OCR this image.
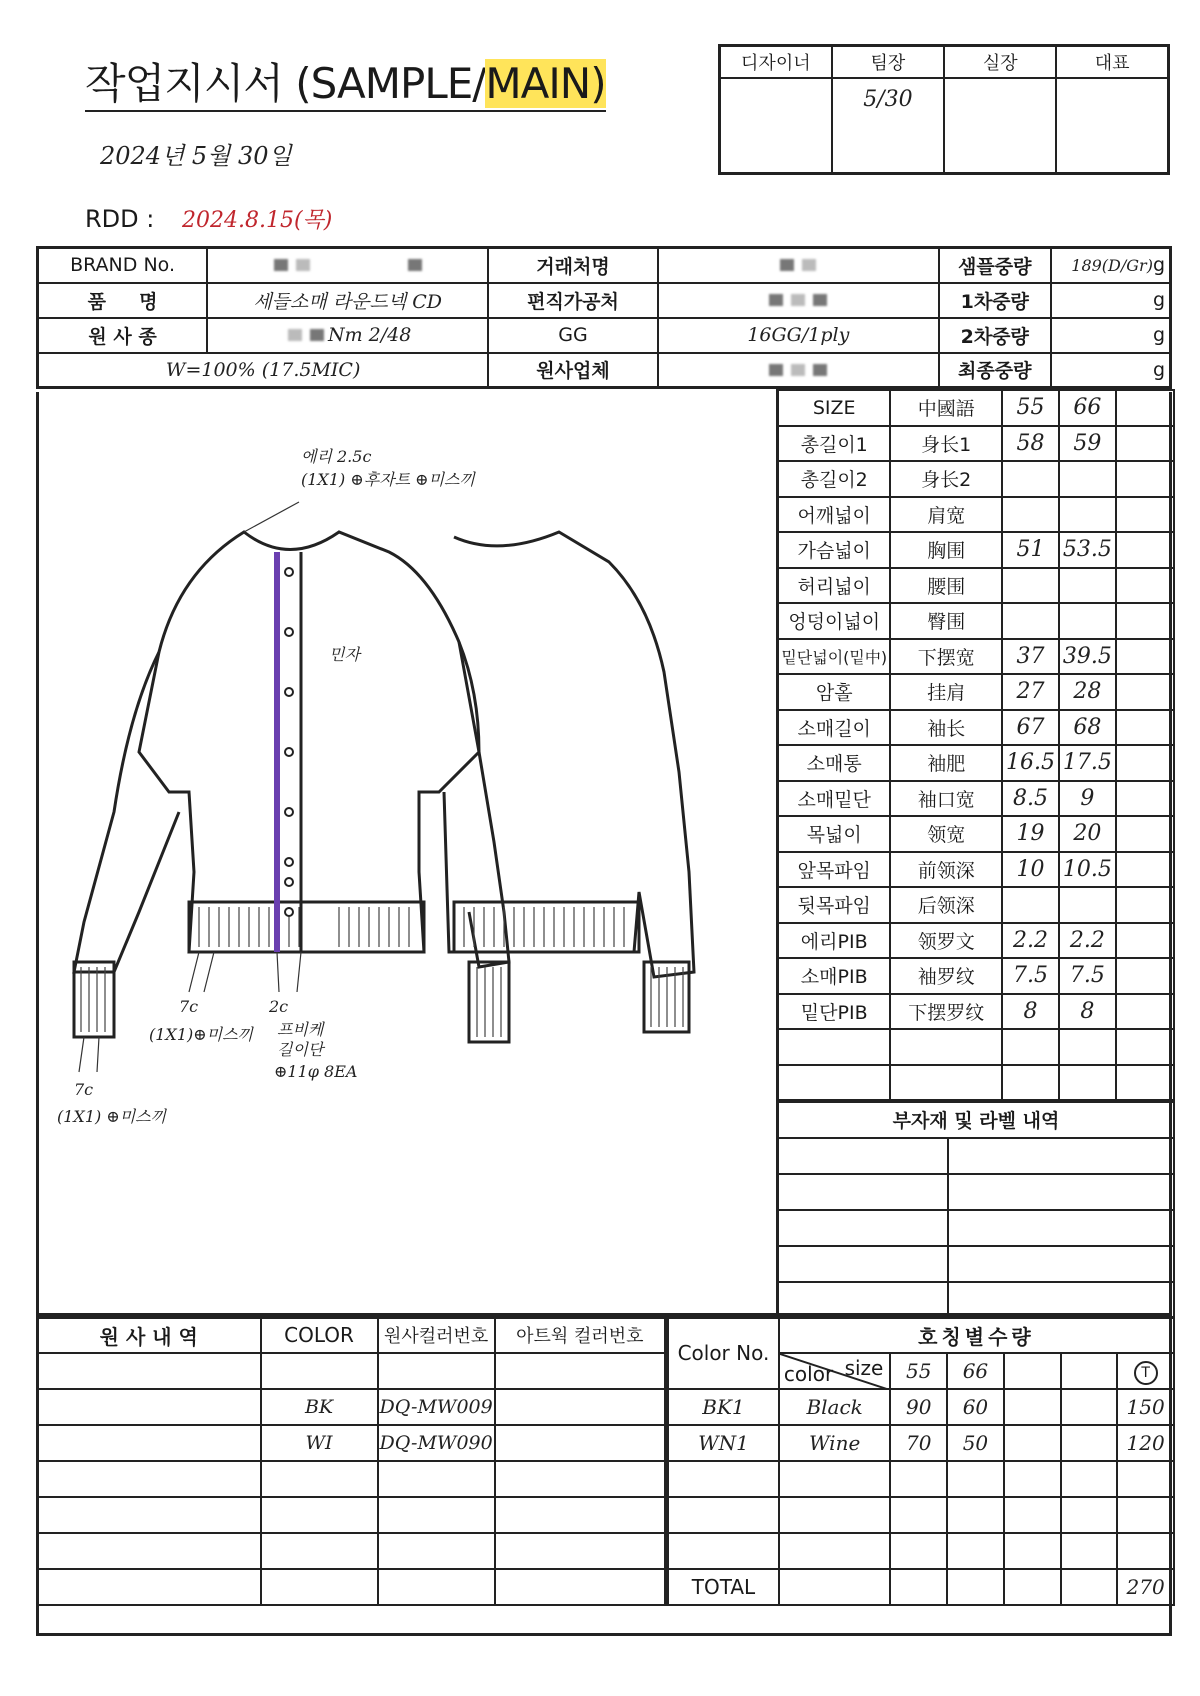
작업지시서 (SAMPLE/MAIN)
2024년 5월 30일
RDD : 2024.8.15(목)
디자이너	팀장	실장	대표
	5/30		
BRAND No.		거래처명		샘플중량	189(D/Gr)g
품     명	세들소매 라운드넥 CD	편직가공처		1차중량	g
원 사 종	Nm 2/48	GG	16GG/1ply	2차중량	g
W=100% (17.5MIC)		원사업체		최종중량	g
에리 2.5c
(1X1) ⊕후자트 ⊕미스끼
민자
7c
(1X1)⊕미스끼
2c
프비케
길이단
⊕11φ 8EA
7c
(1X1) ⊕미스끼
SIZE	中國語	55	66	
총길이1	身长1	58	59	
총길이2	身长2			
어깨넓이	肩宽			
가슴넓이	胸围	51	53.5	
허리넓이	腰围			
엉덩이넓이	臀围			
밑단넓이(밑中)	下摆宽	37	39.5	
암홀	挂肩	27	28	
소매길이	袖长	67	68	
소매통	袖肥	16.5	17.5	
소매밑단	袖口宽	8.5	9	
목넓이	领宽	19	20	
앞목파임	前领深	10	10.5	
뒷목파임	后领深			
에리PIB	领罗文	2.2	2.2	
소매PIB	袖罗纹	7.5	7.5	
밑단PIB	下摆罗纹	8	8	

부자재 및 라벨 내역	

원 사 내 역	COLOR	원사컬러번호	아트웍 컬러번호

	BK	DQ-MW009	
	WI	DQ-MW090	

Color No.	호칭별수량					

	size
color	55	66			T
BK1	Black	90	60			150
WN1	Wine	70	50			120

TOTAL						270
